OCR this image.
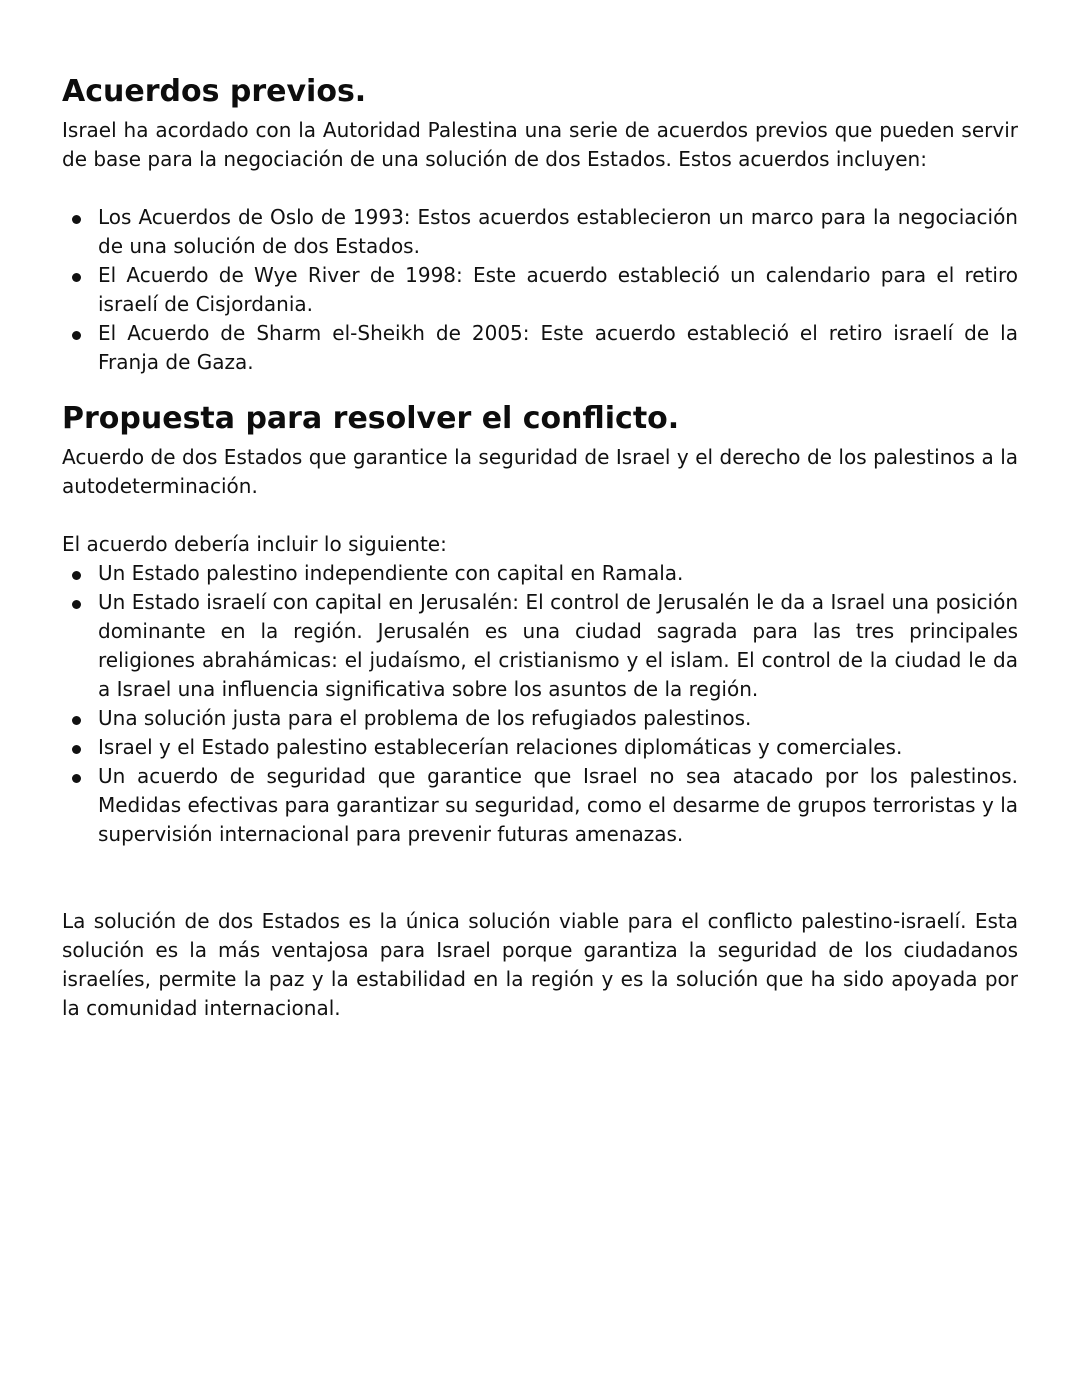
Acuerdos previos.

Israel ha acordado con la Autoridad Palestina una serie de acuerdos previos que pueden servir de base para la negociación de una solución de dos Estados. Estos acuerdos incluyen:

Los Acuerdos de Oslo de 1993: Estos acuerdos establecieron un marco para la negociación de una solución de dos Estados.
El Acuerdo de Wye River de 1998: Este acuerdo estableció un calendario para el retiro israelí de Cisjordania.
El Acuerdo de Sharm el-Sheikh de 2005: Este acuerdo estableció el retiro israelí de la Franja de Gaza.
Propuesta para resolver el conflicto.

Acuerdo de dos Estados que garantice la seguridad de Israel y el derecho de los palestinos a la autodeterminación.

El acuerdo debería incluir lo siguiente:

Un Estado palestino independiente con capital en Ramala.
Un Estado israelí con capital en Jerusalén: El control de Jerusalén le da a Israel una posición dominante en la región. Jerusalén es una ciudad sagrada para las tres principales religiones abrahámicas: el judaísmo, el cristianismo y el islam. El control de la ciudad le da a Israel una influencia significativa sobre los asuntos de la región.
Una solución justa para el problema de los refugiados palestinos.
Israel y el Estado palestino establecerían relaciones diplomáticas y comerciales.
Un acuerdo de seguridad que garantice que Israel no sea atacado por los palestinos. Medidas efectivas para garantizar su seguridad, como el desarme de grupos terroristas y la supervisión internacional para prevenir futuras amenazas.

La solución de dos Estados es la única solución viable para el conflicto palestino-israelí. Esta solución es la más ventajosa para Israel porque garantiza la seguridad de los ciudadanos israelíes, permite la paz y la estabilidad en la región y es la solución que ha sido apoyada por la comunidad internacional.
